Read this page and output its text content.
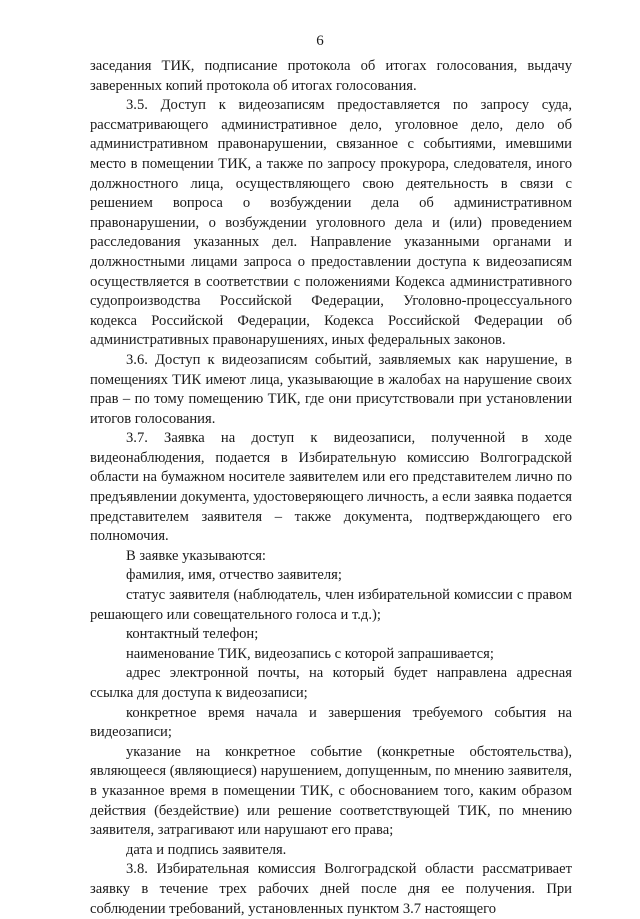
6

заседания ТИК, подписание протокола об итогах голосования, выдачу заверенных копий протокола об итогах голосования.

3.5. Доступ к видеозаписям предоставляется по запросу суда, рассматривающего административное дело, уголовное дело, дело об административном правонарушении, связанное с событиями, имевшими место в помещении ТИК, а также по запросу прокурора, следователя, иного должностного лица, осуществляющего свою деятельность в связи с решением вопроса о возбуждении дела об административном правонарушении, о возбуждении уголовного дела и (или) проведением расследования указанных дел. Направление указанными органами и должностными лицами запроса о предоставлении доступа к видеозаписям осуществляется в соответствии с положениями Кодекса административного судопроизводства Российской Федерации, Уголовно-процессуального кодекса Российской Федерации, Кодекса Российской Федерации об административных правонарушениях, иных федеральных законов.

3.6. Доступ к видеозаписям событий, заявляемых как нарушение, в помещениях ТИК имеют лица, указывающие в жалобах на нарушение своих прав – по тому помещению ТИК, где они присутствовали при установлении итогов голосования.

3.7. Заявка на доступ к видеозаписи, полученной в ходе видеонаблюдения, подается в Избирательную комиссию Волгоградской области на бумажном носителе заявителем или его представителем лично по предъявлении документа, удостоверяющего личность, а если заявка подается представителем заявителя – также документа, подтверждающего его полномочия.

В заявке указываются:

фамилия, имя, отчество заявителя;

статус заявителя (наблюдатель, член избирательной комиссии с правом решающего или совещательного голоса и т.д.);

контактный телефон;

наименование ТИК, видеозапись с которой запрашивается;

адрес электронной почты, на который будет направлена адресная ссылка для доступа к видеозаписи;

конкретное время начала и завершения требуемого события на видеозаписи;

указание на конкретное событие (конкретные обстоятельства), являющееся (являющиеся) нарушением, допущенным, по мнению заявителя, в указанное время в помещении ТИК, с обоснованием того, каким образом действия (бездействие) или решение соответствующей ТИК, по мнению заявителя, затрагивают или нарушают его права;

дата и подпись заявителя.

3.8. Избирательная комиссия Волгоградской области рассматривает заявку в течение трех рабочих дней после дня ее получения. При соблюдении требований, установленных пунктом 3.7 настоящего
